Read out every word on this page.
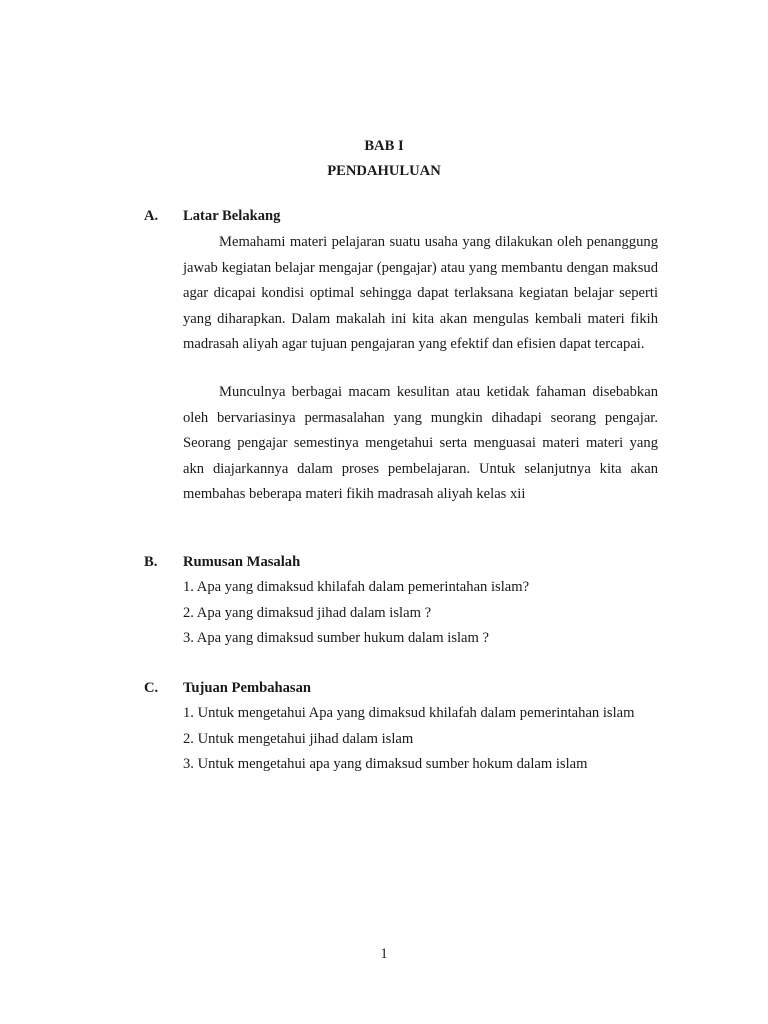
BAB I
PENDAHULUAN
A. Latar Belakang

Memahami materi pelajaran suatu usaha yang dilakukan oleh penanggung jawab kegiatan belajar mengajar (pengajar) atau yang membantu dengan maksud agar dicapai kondisi optimal sehingga dapat terlaksana kegiatan belajar seperti yang diharapkan. Dalam makalah ini kita akan mengulas kembali materi fikih madrasah aliyah agar tujuan pengajaran yang efektif dan efisien dapat tercapai.

Munculnya berbagai macam kesulitan atau ketidak fahaman disebabkan oleh bervariasinya permasalahan yang mungkin dihadapi seorang pengajar. Seorang pengajar semestinya mengetahui serta menguasai materi materi yang akn diajarkannya dalam proses pembelajaran. Untuk selanjutnya kita akan membahas beberapa materi fikih madrasah aliyah kelas xii

B. Rumusan Masalah
1. Apa yang dimaksud khilafah dalam pemerintahan islam?
2. Apa yang dimaksud jihad dalam islam ?
3. Apa yang dimaksud sumber hukum dalam islam ?
C. Tujuan Pembahasan
1. Untuk mengetahui Apa yang dimaksud khilafah dalam pemerintahan islam
2. Untuk mengetahui jihad dalam islam
3. Untuk mengetahui apa yang dimaksud sumber hokum dalam islam
1
